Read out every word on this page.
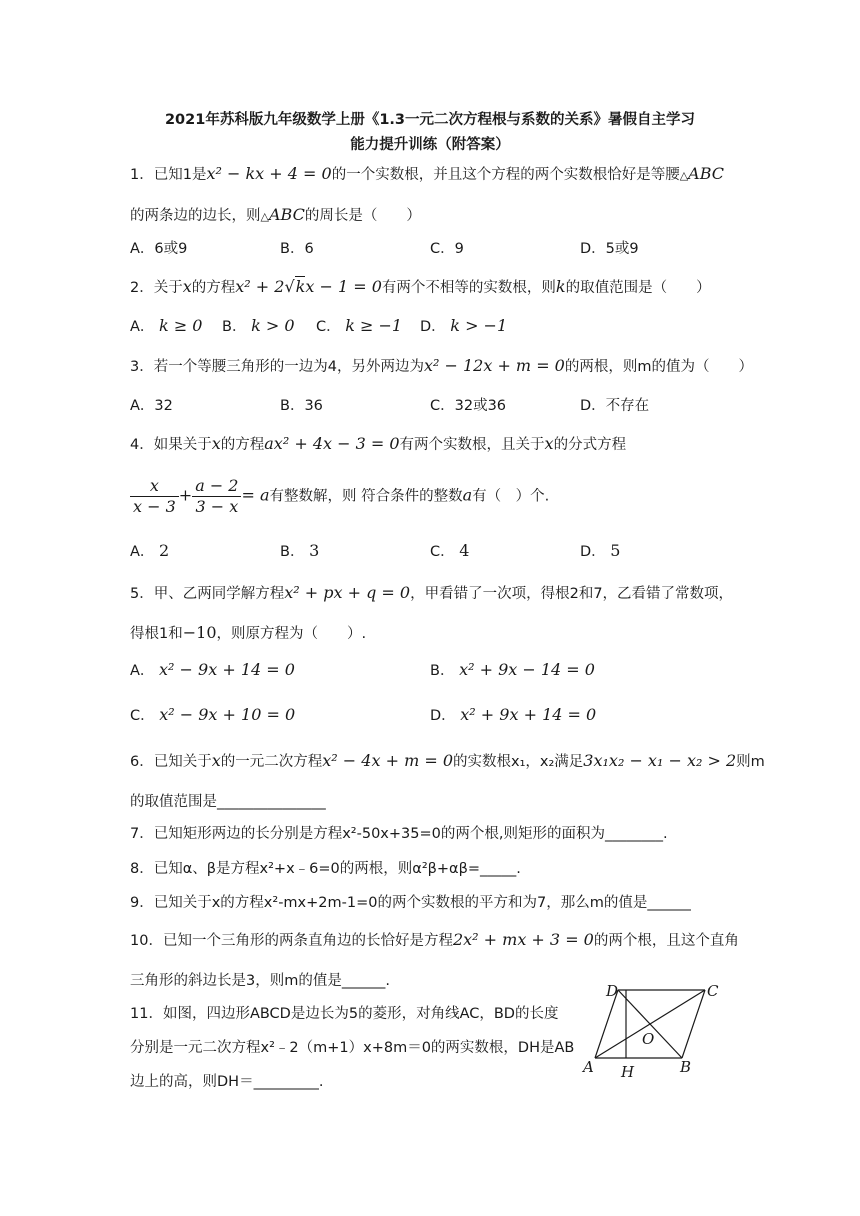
2021年苏科版九年级数学上册《1.3一元二次方程根与系数的关系》暑假自主学习
能力提升训练（附答案）
1．已知1是x² − kx + 4 = 0的一个实数根，并且这个方程的两个实数根恰好是等腰△ABC
的两条边的边长，则△ABC的周长是（　　）
A．6或9	B．6	C．9	D．5或9
2．关于x的方程x² + 2√kx − 1 = 0有两个不相等的实数根，则k的取值范围是（　　）
A． k ≥ 0 B． k > 0 C． k ≥ −1 D． k > −1
3．若一个等腰三角形的一边为4，另外两边为x² − 12x + m = 0的两根，则m的值为（　　）
A．32	B．36	C．32或36	D．不存在
4．如果关于x的方程ax² + 4x − 3 = 0有两个实数根，且关于x的分式方程
$\frac{x}{x - 3} + \frac{a - 2}{3 - x} = a$有整数解，则 符合条件的整数a有（　）个.
A． 2	B． 3	C． 4	D． 5
5．甲、乙两同学解方程x² + px + q = 0，甲看错了一次项，得根2和7，乙看错了常数项，
得根1和−10，则原方程为（　　）.
A． x² − 9x + 14 = 0	B． x² + 9x − 14 = 0
C． x² − 9x + 10 = 0	D． x² + 9x + 14 = 0
6．已知关于x的一元二次方程x² − 4x + m = 0的实数根x₁，x₂满足3x₁x₂ − x₁ − x₂ > 2则m
的取值范围是_______________
7．已知矩形两边的长分别是方程x²-50x+35=0的两个根,则矩形的面积为________.
8．已知α、β是方程x²+x﹣6=0的两根，则α²β+αβ=_____.
9．已知关于x的方程x²-mx+2m-1=0的两个实数根的平方和为7，那么m的值是______
10．已知一个三角形的两条直角边的长恰好是方程2x² + mx + 3 = 0的两个根，且这个直角
三角形的斜边长是3，则m的值是______.
11．如图，四边形ABCD是边长为5的菱形，对角线AC，BD的长度
分别是一元二次方程x²﹣2（m+1）x+8m＝0的两实数根，DH是AB
边上的高，则DH＝_________.
D	C
A H	B
O
